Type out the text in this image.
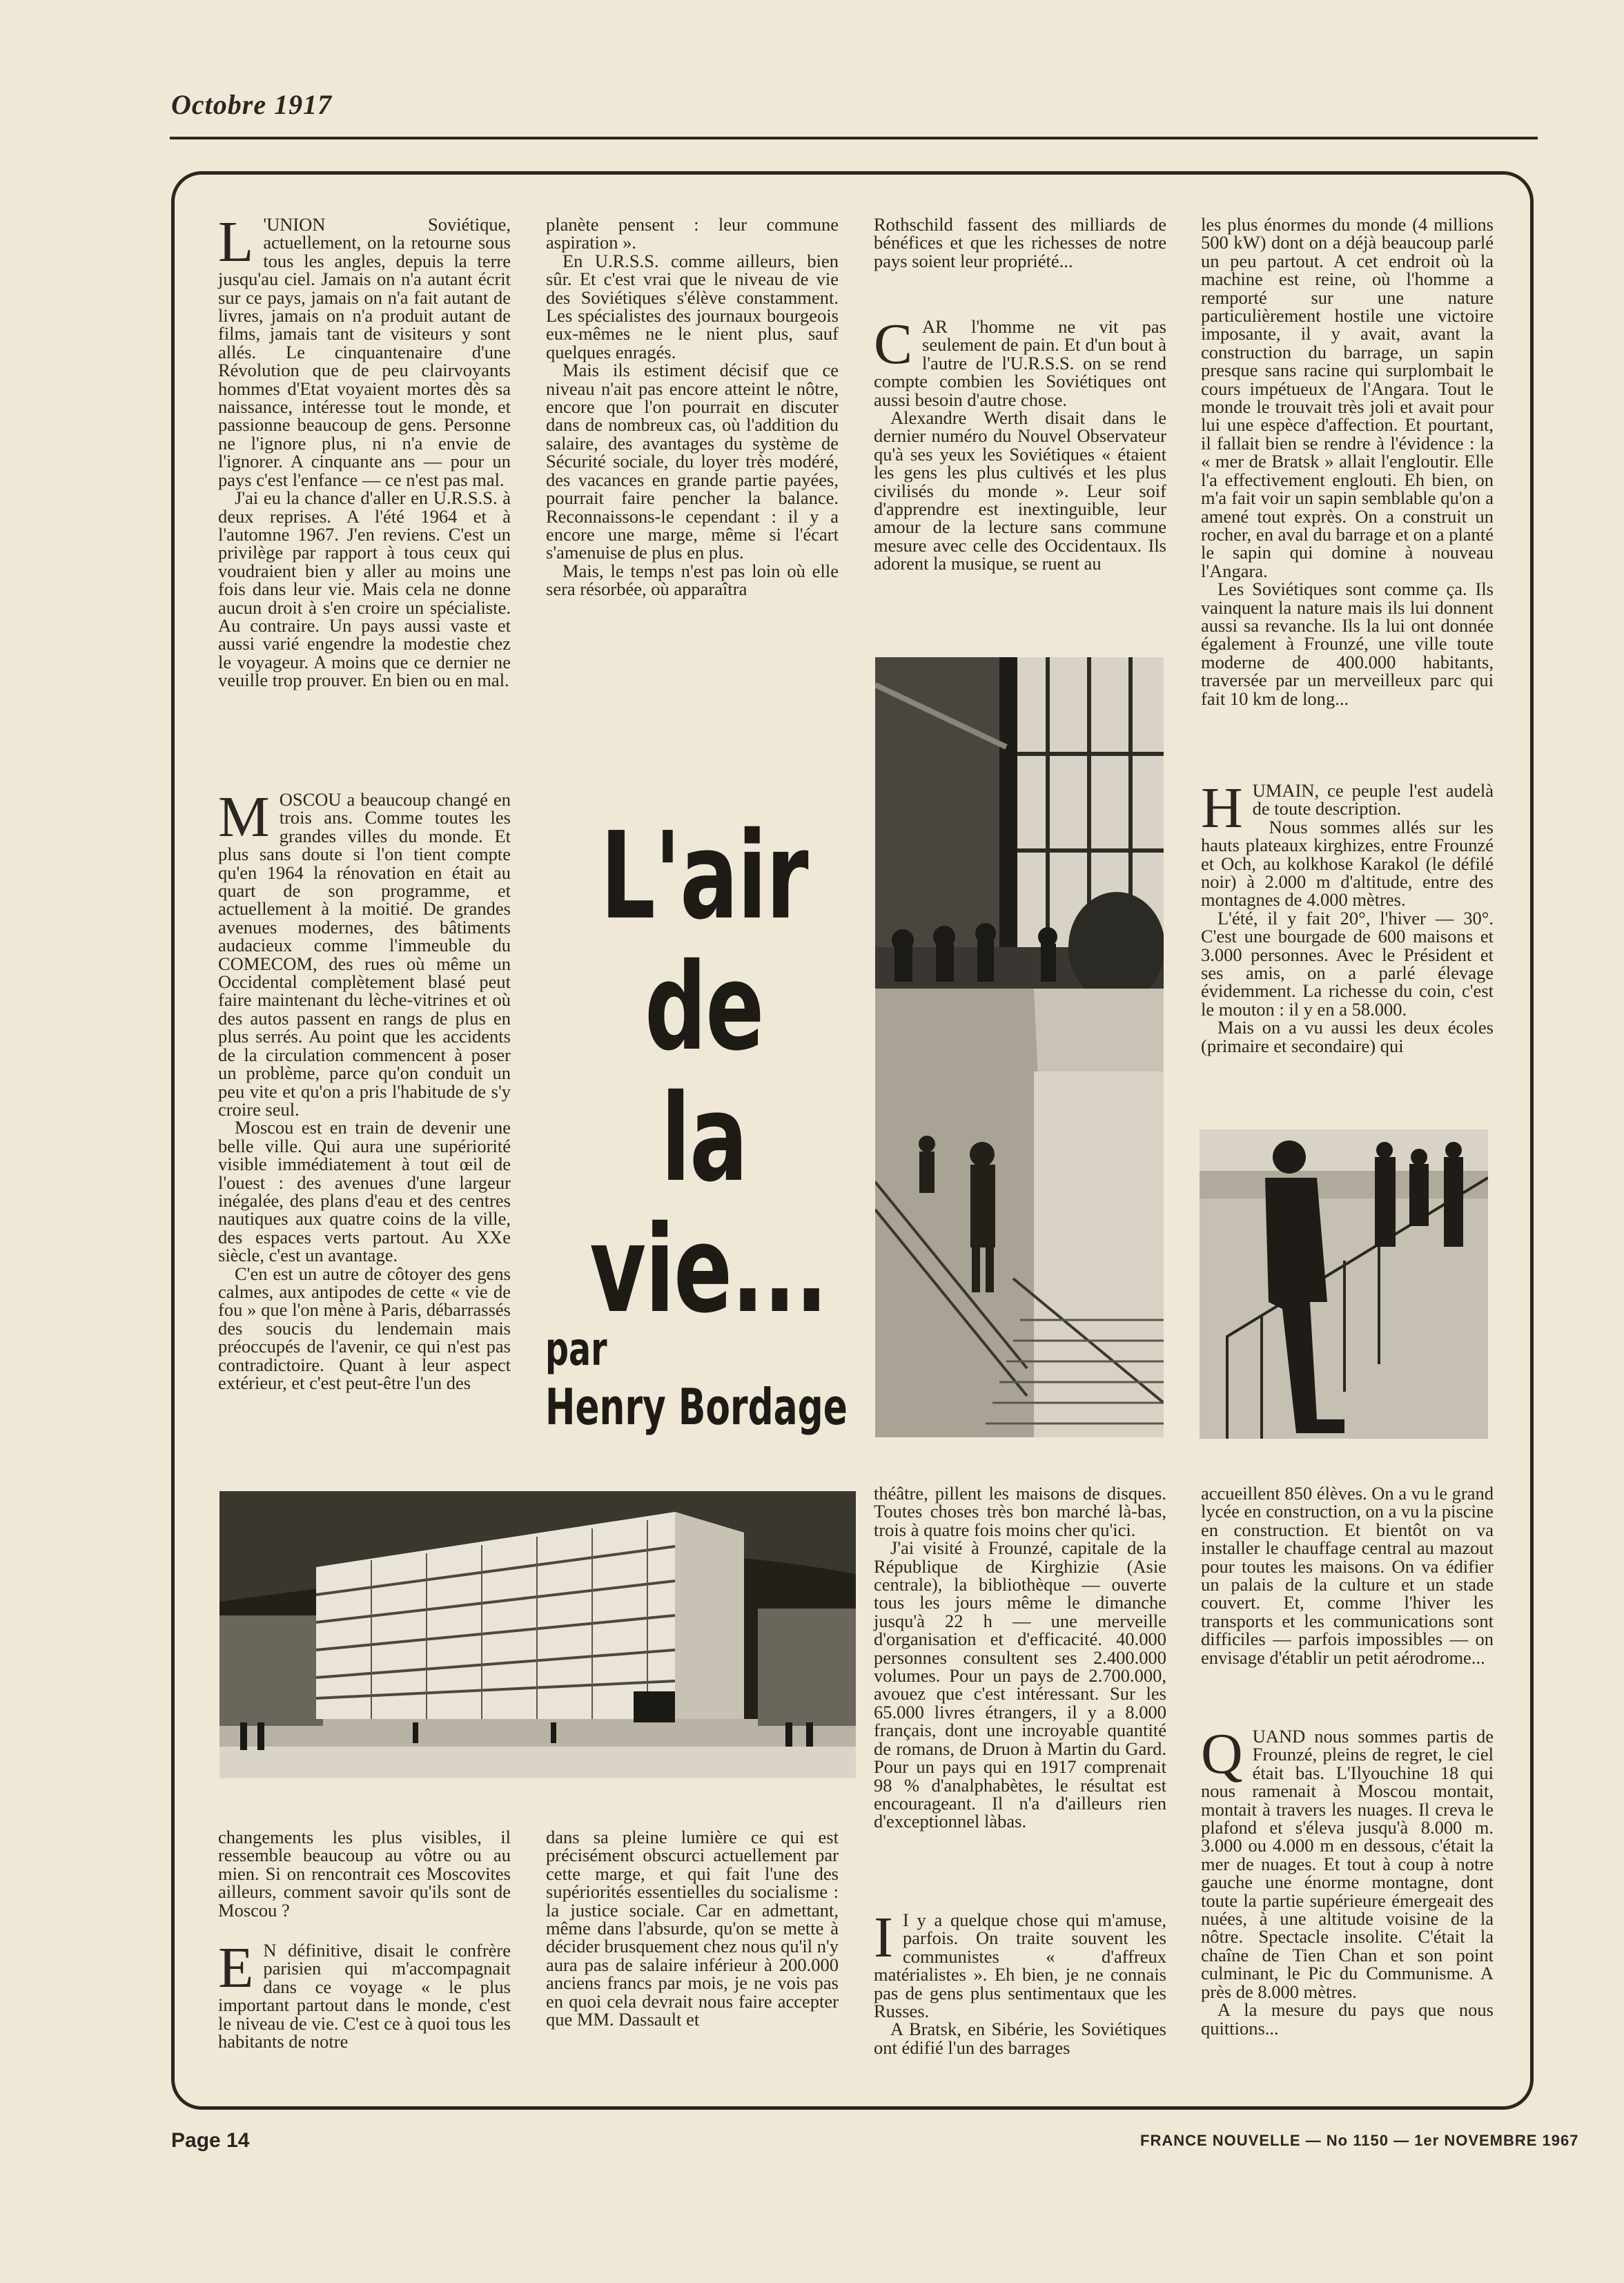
Octobre 1917
L 'UNION Soviétique, actuellement, on la retourne sous tous les angles, depuis la terre jusqu'au ciel. Jamais on n'a autant écrit sur ce pays, jamais on n'a fait autant de livres, jamais on n'a produit autant de films, jamais tant de visiteurs y sont allés. Le cinquantenaire d'une Révolution que de peu clairvoyants hommes d'Etat voyaient mortes dès sa naissance, intéresse tout le monde, et passionne beaucoup de gens. Personne ne l'ignore plus, ni n'a envie de l'ignorer. A cinquante ans — pour un pays c'est l'enfance — ce n'est pas mal.

J'ai eu la chance d'aller en U.R.S.S. à deux reprises. A l'été 1964 et à l'automne 1967. J'en reviens. C'est un privilège par rapport à tous ceux qui voudraient bien y aller au moins une fois dans leur vie. Mais cela ne donne aucun droit à s'en croire un spécialiste. Au contraire. Un pays aussi vaste et aussi varié engendre la modestie chez le voyageur. A moins que ce dernier ne veuille trop prouver. En bien ou en mal.

M OSCOU a beaucoup changé en trois ans. Comme toutes les grandes villes du monde. Et plus sans doute si l'on tient compte qu'en 1964 la rénovation en était au quart de son programme, et actuellement à la moitié. De grandes avenues modernes, des bâtiments audacieux comme l'immeuble du COMECOM, des rues où même un Occidental complètement blasé peut faire maintenant du lèche-vitrines et où des autos passent en rangs de plus en plus serrés. Au point que les accidents de la circulation commencent à poser un problème, parce qu'on conduit un peu vite et qu'on a pris l'habitude de s'y croire seul.

Moscou est en train de devenir une belle ville. Qui aura une supériorité visible immédiatement à tout œil de l'ouest : des avenues d'une largeur inégalée, des plans d'eau et des centres nautiques aux quatre coins de la ville, des espaces verts partout. Au XXe siècle, c'est un avantage.

C'en est un autre de côtoyer des gens calmes, aux antipodes de cette « vie de fou » que l'on mène à Paris, débarrassés des soucis du lendemain mais préoccupés de l'avenir, ce qui n'est pas contradictoire. Quant à leur aspect extérieur, et c'est peut-être l'un des

planète pensent : leur commune aspiration ».

En U.R.S.S. comme ailleurs, bien sûr. Et c'est vrai que le niveau de vie des Soviétiques s'élève constamment. Les spécialistes des journaux bourgeois eux-mêmes ne le nient plus, sauf quelques enragés.

Mais ils estiment décisif que ce niveau n'ait pas encore atteint le nôtre, encore que l'on pourrait en discuter dans de nombreux cas, où l'addition du salaire, des avantages du système de Sécurité sociale, du loyer très modéré, des vacances en grande partie payées, pourrait faire pencher la balance. Reconnaissons-le cependant : il y a encore une marge, même si l'écart s'amenuise de plus en plus.

Mais, le temps n'est pas loin où elle sera résorbée, où apparaîtra

Rothschild fassent des milliards de bénéfices et que les richesses de notre pays soient leur propriété...

C AR l'homme ne vit pas seulement de pain. Et d'un bout à l'autre de l'U.R.S.S. on se rend compte combien les Soviétiques ont aussi besoin d'autre chose.

Alexandre Werth disait dans le dernier numéro du Nouvel Observateur qu'à ses yeux les Soviétiques « étaient les gens les plus cultivés et les plus civilisés du monde ». Leur soif d'apprendre est inextinguible, leur amour de la lecture sans commune mesure avec celle des Occidentaux. Ils adorent la musique, se ruent au

les plus énormes du monde (4 millions 500 kW) dont on a déjà beaucoup parlé un peu partout. A cet endroit où la machine est reine, où l'homme a remporté sur une nature particulièrement hostile une victoire imposante, il y avait, avant la construction du barrage, un sapin presque sans racine qui surplombait le cours impétueux de l'Angara. Tout le monde le trouvait très joli et avait pour lui une espèce d'affection. Et pourtant, il fallait bien se rendre à l'évidence : la « mer de Bratsk » allait l'engloutir. Elle l'a effectivement englouti. Eh bien, on m'a fait voir un sapin semblable qu'on a amené tout exprès. On a construit un rocher, en aval du barrage et on a planté le sapin qui domine à nouveau l'Angara.

Les Soviétiques sont comme ça. Ils vainquent la nature mais ils lui donnent aussi sa revanche. Ils la lui ont donnée également à Frounzé, une ville toute moderne de 400.000 habitants, traversée par un merveilleux parc qui fait 10 km de long...

H UMAIN, ce peuple l'est audelà de toute description.

Nous sommes allés sur les hauts plateaux kirghizes, entre Frounzé et Och, au kolkhose Karakol (le défilé noir) à 2.000 m d'altitude, entre des montagnes de 4.000 mètres.

L'été, il y fait 20°, l'hiver — 30°. C'est une bourgade de 600 maisons et 3.000 personnes. Avec le Président et ses amis, on a parlé élevage évidemment. La richesse du coin, c'est le mouton : il y en a 58.000.

Mais on a vu aussi les deux écoles (primaire et secondaire) qui

changements les plus visibles, il ressemble beaucoup au vôtre ou au mien. Si on rencontrait ces Moscovites ailleurs, comment savoir qu'ils sont de Moscou ?

E N définitive, disait le confrère parisien qui m'accompagnait dans ce voyage « le plus important partout dans le monde, c'est le niveau de vie. C'est ce à quoi tous les habitants de notre

dans sa pleine lumière ce qui est précisément obscurci actuellement par cette marge, et qui fait l'une des supériorités essentielles du socialisme : la justice sociale. Car en admettant, même dans l'absurde, qu'on se mette à décider brusquement chez nous qu'il n'y aura pas de salaire inférieur à 200.000 anciens francs par mois, je ne vois pas en quoi cela devrait nous faire accepter que MM. Dassault et

théâtre, pillent les maisons de disques. Toutes choses très bon marché là-bas, trois à quatre fois moins cher qu'ici.

J'ai visité à Frounzé, capitale de la République de Kirghizie (Asie centrale), la bibliothèque — ouverte tous les jours même le dimanche jusqu'à 22 h — une merveille d'organisation et d'efficacité. 40.000 personnes consultent ses 2.400.000 volumes. Pour un pays de 2.700.000, avouez que c'est intéressant. Sur les 65.000 livres étrangers, il y a 8.000 français, dont une incroyable quantité de romans, de Druon à Martin du Gard. Pour un pays qui en 1917 comprenait 98 % d'analphabètes, le résultat est encourageant. Il n'a d'ailleurs rien d'exceptionnel làbas.

I I y a quelque chose qui m'amuse, parfois. On traite souvent les communistes « d'affreux matérialistes ». Eh bien, je ne connais pas de gens plus sentimentaux que les Russes.

A Bratsk, en Sibérie, les Soviétiques ont édifié l'un des barrages

accueillent 850 élèves. On a vu le grand lycée en construction, on a vu la piscine en construction. Et bientôt on va installer le chauffage central au mazout pour toutes les maisons. On va édifier un palais de la culture et un stade couvert. Et, comme l'hiver les transports et les communications sont difficiles — parfois impossibles — on envisage d'établir un petit aérodrome...

Q UAND nous sommes partis de Frounzé, pleins de regret, le ciel était bas. L'Ilyouchine 18 qui nous ramenait à Moscou montait, montait à travers les nuages. Il creva le plafond et s'éleva jusqu'à 8.000 m. 3.000 ou 4.000 m en dessous, c'était la mer de nuages. Et tout à coup à notre gauche une énorme montagne, dont toute la partie supérieure émergeait des nuées, à une altitude voisine de la nôtre. Spectacle insolite. C'était la chaîne de Tien Chan et son point culminant, le Pic du Communisme. A près de 8.000 mètres.

A la mesure du pays que nous quittions...

L'air
de
la vie...
par
Henry Bordage
Page 14	FRANCE NOUVELLE — No 1150 — 1er NOVEMBRE 1967
